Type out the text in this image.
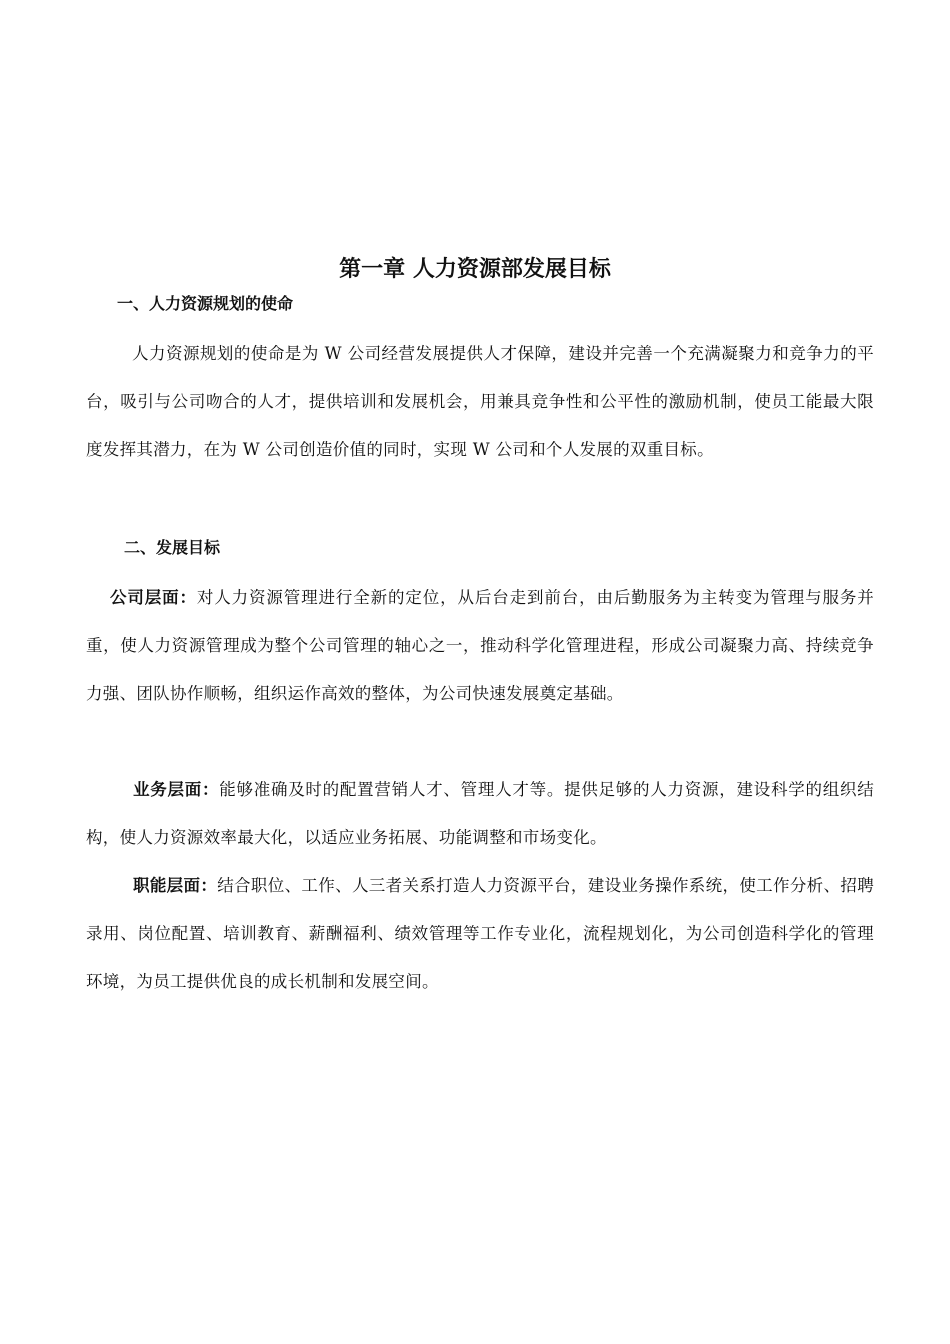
第一章 人力资源部发展目标
一、人力资源规划的使命

人力资源规划的使命是为 W 公司经营发展提供人才保障，建设并完善一个充满凝聚力和竞争力的平台，吸引与公司吻合的人才，提供培训和发展机会，用兼具竞争性和公平性的激励机制，使员工能最大限度发挥其潜力，在为 W 公司创造价值的同时，实现 W 公司和个人发展的双重目标。

二、发展目标

公司层面：对人力资源管理进行全新的定位，从后台走到前台，由后勤服务为主转变为管理与服务并重，使人力资源管理成为整个公司管理的轴心之一，推动科学化管理进程，形成公司凝聚力高、持续竞争力强、团队协作顺畅，组织运作高效的整体，为公司快速发展奠定基础。

业务层面：能够准确及时的配置营销人才、管理人才等。提供足够的人力资源，建设科学的组织结构，使人力资源效率最大化，以适应业务拓展、功能调整和市场变化。

职能层面：结合职位、工作、人三者关系打造人力资源平台，建设业务操作系统，使工作分析、招聘录用、岗位配置、培训教育、薪酬福利、绩效管理等工作专业化，流程规划化，为公司创造科学化的管理环境，为员工提供优良的成长机制和发展空间。
